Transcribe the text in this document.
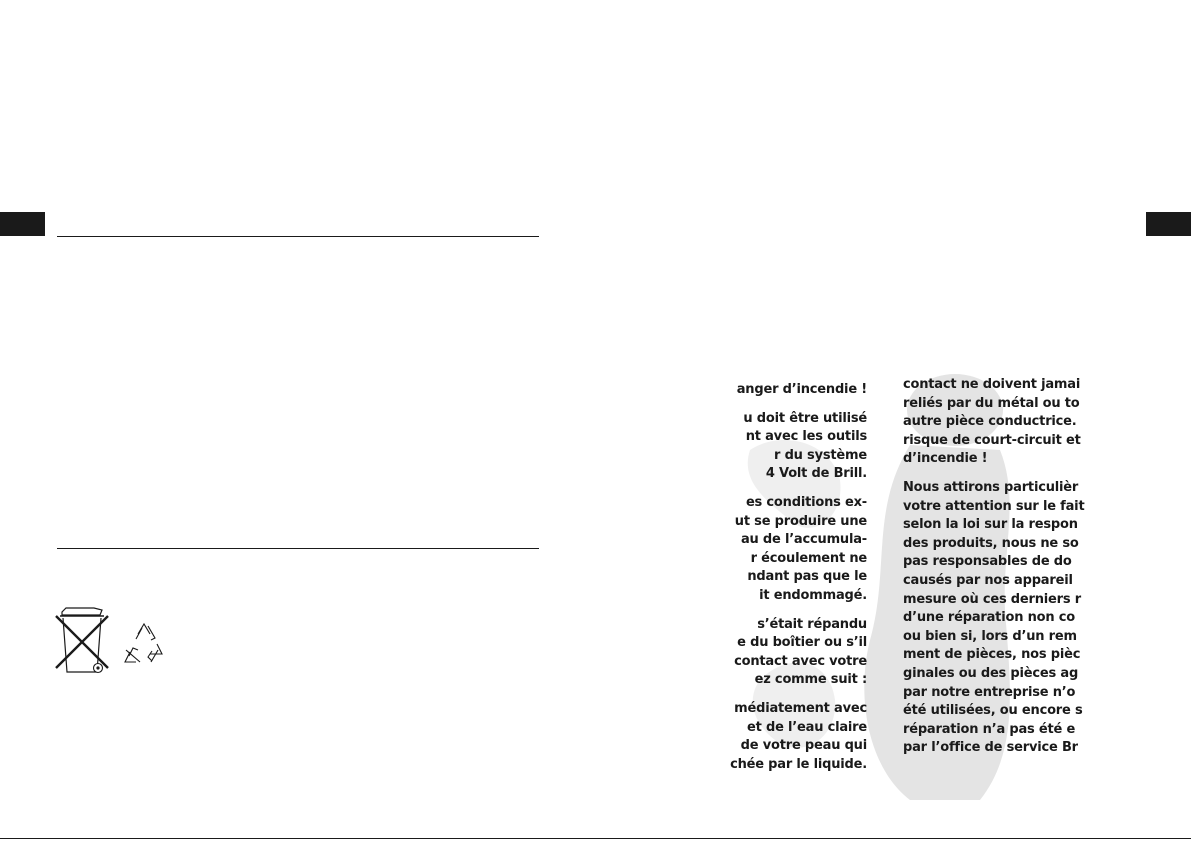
anger d’incendie !
u doit être utilisé
nt avec les outils
r du système
4 Volt de Brill.
es conditions ex-
ut se produire une
au de l’accumula-
r écoulement ne
ndant pas que le
it endommagé.
s’était répandu
e du boîtier ou s’il
contact avec votre
ez comme suit :
médiatement avec
et de l’eau claire
de votre peau qui
chée par le liquide.
contact ne doivent jamai
reliés par du métal ou to
autre pièce conductrice.
risque de court-circuit et
d’incendie !
Nous attirons particulièr
votre attention sur le fait
selon la loi sur la respon
des produits, nous ne so
pas responsables de do
causés par nos appareil
mesure où ces derniers r
d’une réparation non co
ou bien si, lors d’un rem
ment de pièces, nos pièc
ginales ou des pièces ag
par notre entreprise n’o
été utilisées, ou encore s
réparation n’a pas été e
par l’office de service Br
